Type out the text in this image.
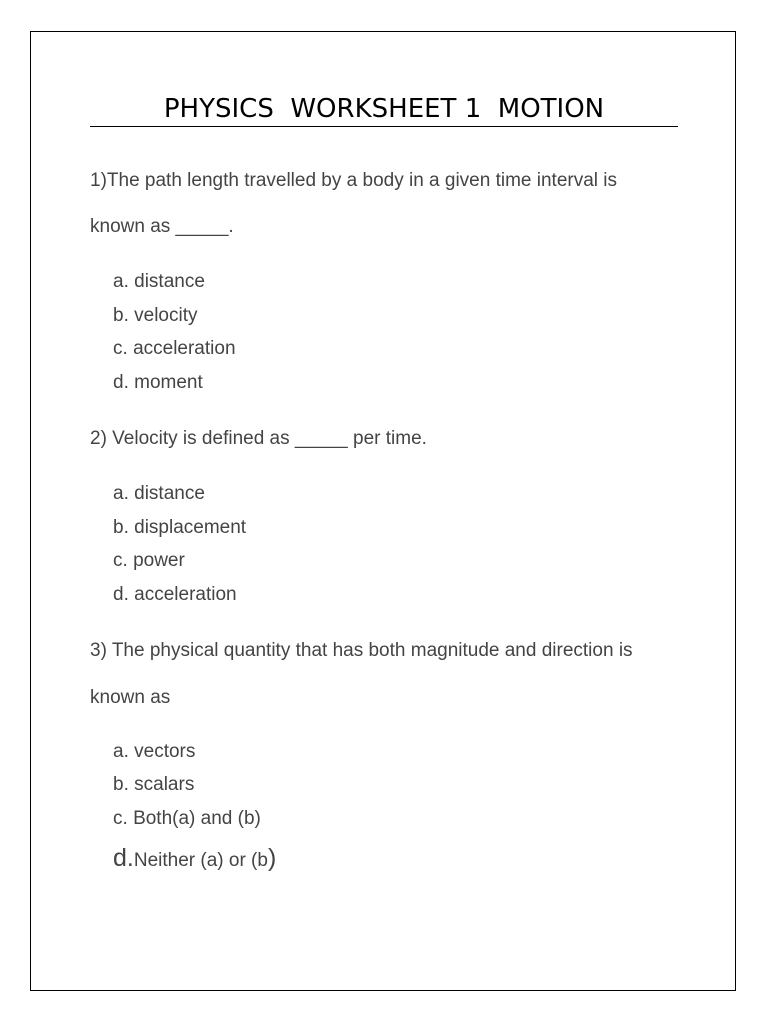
PHYSICS  WORKSHEET 1  MOTION
1)The path length travelled by a body in a given time interval is
known as _____.
a. distance
b. velocity
c. acceleration
d. moment
2) Velocity is defined as _____ per time.
a. distance
b. displacement
c. power
d. acceleration
3) The physical quantity that has both magnitude and direction is
known as
a. vectors
b. scalars
c. Both(a) and (b)
d.Neither (a) or (b)
